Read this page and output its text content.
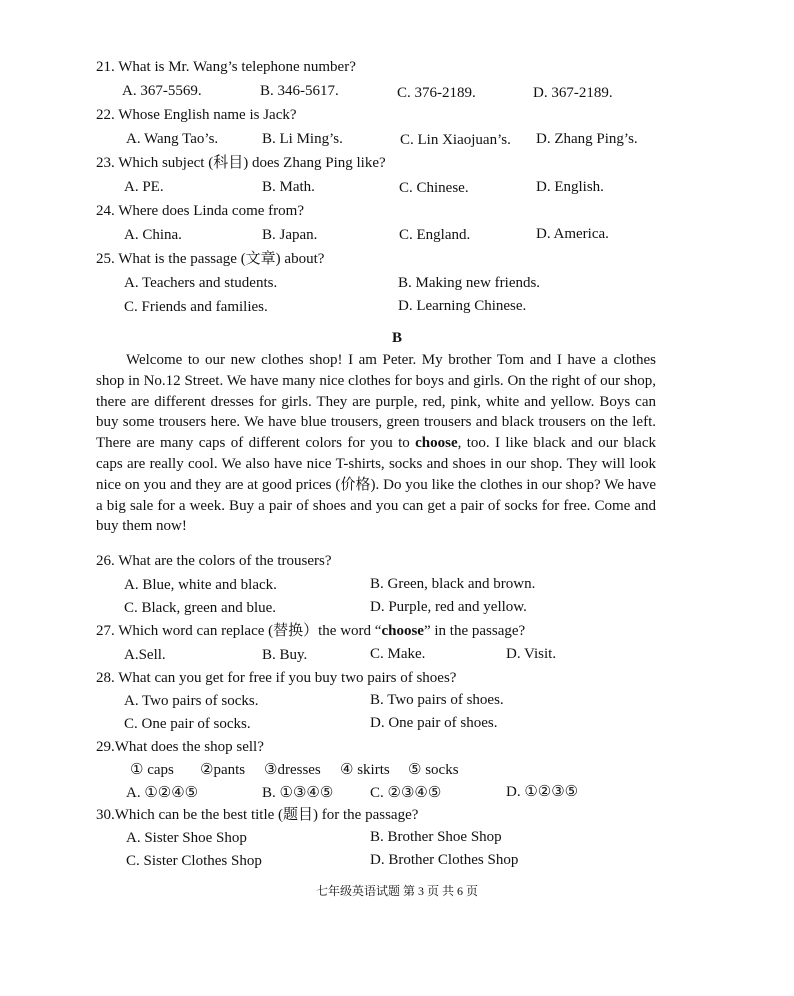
21. What is Mr. Wang’s telephone number?
A. 367-5569.	B. 346-5617.	C. 376-2189.	D. 367-2189.
22. Whose English name is Jack?
A. Wang Tao’s.	B. Li Ming’s.	C. Lin Xiaojuan’s. D. Zhang Ping’s.
23. Which subject (科目) does Zhang Ping like?
A. PE.	B. Math.	C. Chinese.	D. English.
24. Where does Linda come from?
A. China.	B. Japan.	C. England.	D. America.
25. What is the passage (文章) about?
A. Teachers and students.	B. Making new friends.
C. Friends and families.	D. Learning Chinese.
B
Welcome to our new clothes shop! I am Peter. My brother Tom and I have a clothes shop in No.12 Street. We have many nice clothes for boys and girls. On the right of our shop, there are different dresses for girls. They are purple, red, pink, white and yellow. Boys can buy some trousers here. We have blue trousers, green trousers and black trousers on the left. There are many caps of different colors for you to choose, too. I like black and our black caps are really cool. We also have nice T-shirts, socks and shoes in our shop. They will look nice on you and they are at good prices (价格). Do you like the clothes in our shop? We have a big sale for a week. Buy a pair of shoes and you can get a pair of socks for free. Come and buy them now!
26. What are the colors of the trousers?
A. Blue, white and black.	B. Green, black and brown.
C. Black, green and blue.	D. Purple, red and yellow.
27. Which word can replace (替换）the word “choose” in the passage?
A.Sell.	B. Buy.	C. Make.	D. Visit.
28. What can you get for free if you buy two pairs of shoes?
A. Two pairs of socks.	B. Two pairs of shoes.
C. One pair of socks.	D. One pair of shoes.
29.What does the shop sell?
① caps ②pants ③dresses ④ skirts ⑤ socks
A. ①②④⑤	B. ①③④⑤ C. ②③④⑤	D. ①②③⑤
30.Which can be the best title (题目) for the passage?
A. Sister Shoe Shop	B. Brother Shoe Shop
C. Sister Clothes Shop	D. Brother Clothes Shop
七年级英语试题 第 3 页 共 6 页
